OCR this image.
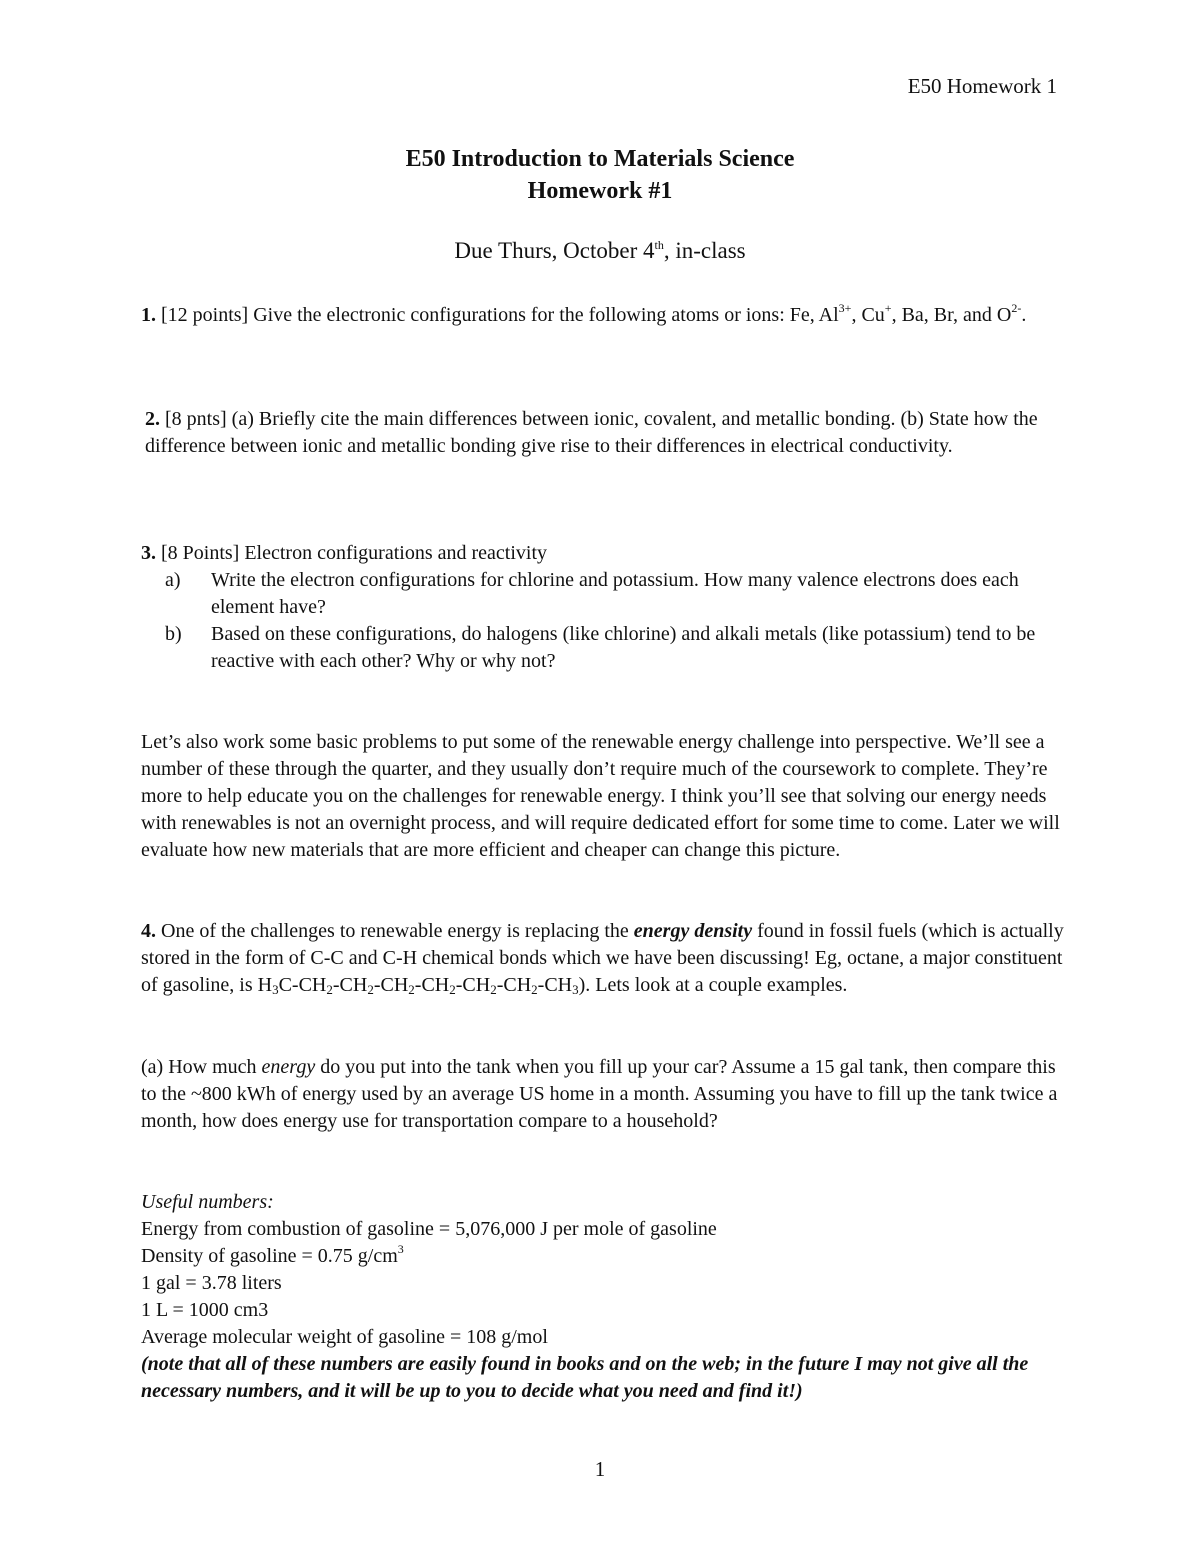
E50 Homework 1
E50 Introduction to Materials Science
Homework #1
Due Thurs, October 4th, in-class
1. [12 points] Give the electronic configurations for the following atoms or ions: Fe, $Al^{3+}$, Cu+, Ba, Br, and $O^{2-}$.
2. [8 pnts] (a) Briefly cite the main differences between ionic, covalent, and metallic bonding. (b) State how the difference between ionic and metallic bonding give rise to their differences in electrical conductivity.
3. [8 Points] Electron configurations and reactivity
a)	Write the electron configurations for chlorine and potassium. How many valence electrons does each element have?
b)	Based on these configurations, do halogens (like chlorine) and alkali metals (like potassium) tend to be reactive with each other? Why or why not?
Let’s also work some basic problems to put some of the renewable energy challenge into perspective. We’ll see a number of these through the quarter, and they usually don’t require much of the coursework to complete. They’re more to help educate you on the challenges for renewable energy. I think you’ll see that solving our energy needs with renewables is not an overnight process, and will require dedicated effort for some time to come. Later we will evaluate how new materials that are more efficient and cheaper can change this picture.
4. One of the challenges to renewable energy is replacing the energy density found in fossil fuels (which is actually stored in the form of C-C and C-H chemical bonds which we have been discussing! Eg, octane, a major constituent of gasoline, is $H_3C-CH_2-CH_2-CH_2-CH_2-CH_2-CH_2-CH_3$). Lets look at a couple examples.
(a) How much energy do you put into the tank when you fill up your car? Assume a 15 gal tank, then compare this to the ~800 kWh of energy used by an average US home in a month. Assuming you have to fill up the tank twice a month, how does energy use for transportation compare to a household?
Useful numbers:
Energy from combustion of gasoline = 5,076,000 J per mole of gasoline
Density of gasoline = 0.75 $g/cm^3$
1 gal = 3.78 liters
1 L = 1000 cm3
Average molecular weight of gasoline = 108 g/mol
(note that all of these numbers are easily found in books and on the web; in the future I may not give all the necessary numbers, and it will be up to you to decide what you need and find it!)
1
